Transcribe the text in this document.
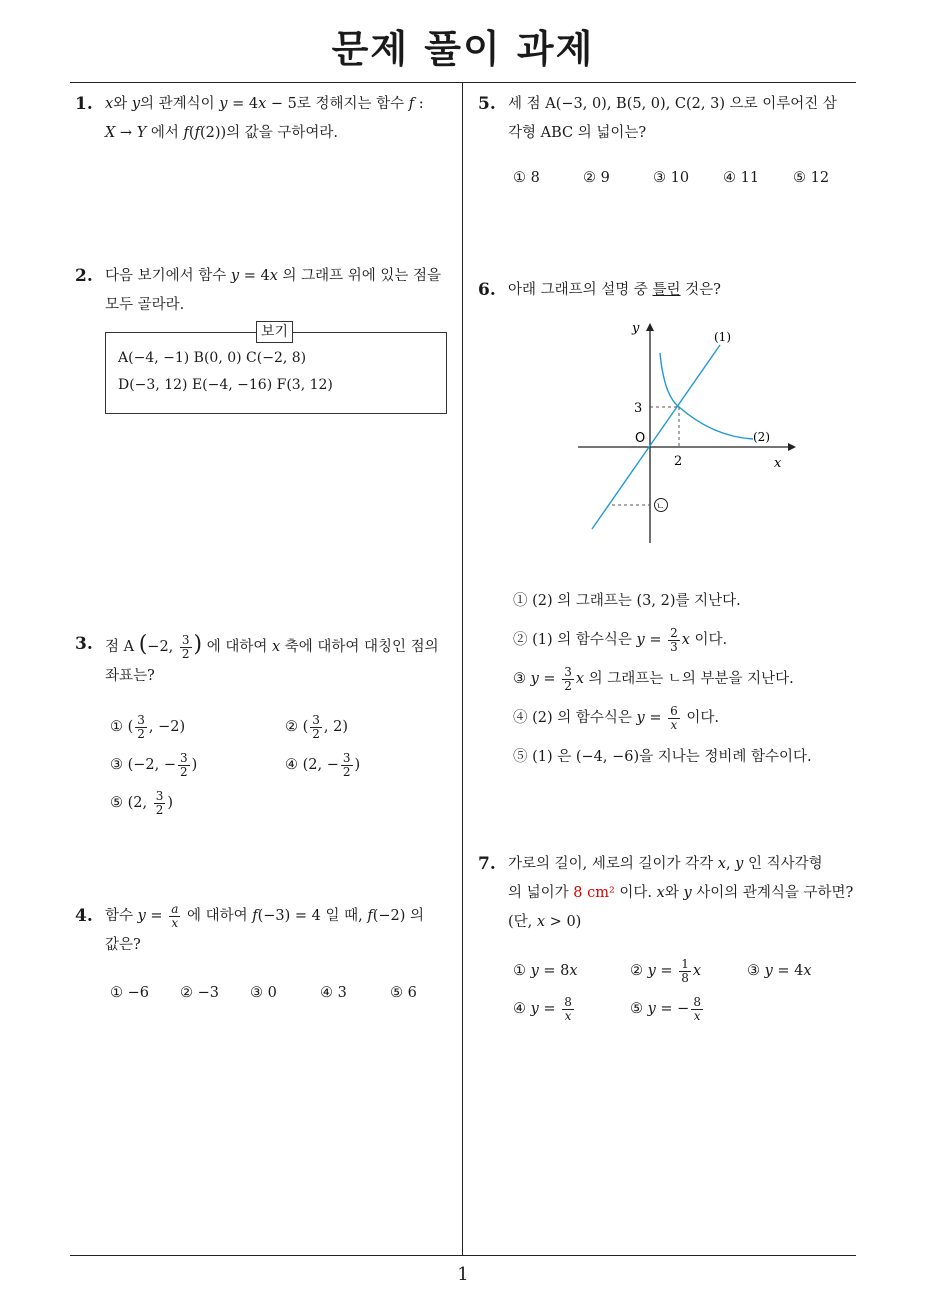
문제 풀이 과제
1
1. x와 y의 관계식이 y = 4x − 5로 정해지는 함수 f :
X → Y 에서 f(f(2))의 값을 구하여라.
2. 다음 보기에서 함수 y = 4x 의 그래프 위에 있는 점을
모두 골라라.
보기
A(−4, −1) B(0, 0) C(−2, 8)
D(−3, 12) E(−4, −16) F(3, 12)
3. 점 A (−2, $\frac{3}{2}$ ) 에 대하여 x 축에 대하여 대칭인 점의
좌표는?
① ( $\frac{3}{2}$ , −2)	② ( $\frac{3}{2}$ , 2)
③ (−2, − $\frac{3}{2}$ )	④ (2, − $\frac{3}{2}$ )
⑤ (2, $\frac{3}{2}$ )
4. 함수 $y = \frac{a}{x}$ 에 대하여 f(−3) = 4 일 때, f(−2) 의
값은?
① −6	② −3	③ 0	④ 3	⑤ 6
5. 세 점 A(−3, 0), B(5, 0), C(2, 3) 으로 이루어진 삼
각형 ABC 의 넓이는?
① 8	② 9	③ 10	④ 11	⑤ 12
6. 아래 그래프의 설명 중 틀린 것은?
y
x
O
3
2
(1)
(2)
ㄴ
① (2) 의 그래프는 (3, 2)를 지난다.
② (1) 의 함수식은 $y = \frac{2}{3}$ x 이다.
③ $y = \frac{3}{2}$ x 의 그래프는 ㄴ의 부분을 지난다.
④ (2) 의 함수식은 $y = \frac{6}{x}$ 이다.
⑤ (1) 은 (−4, −6)을 지나는 정비례 함수이다.
7. 가로의 길이, 세로의 길이가 각각 x, y 인 직사각형
의 넓이가 8 cm² 이다. x와 y 사이의 관계식을 구하면?
(단, x > 0)
① y = 8x	② $y = \frac{1}{8}$ x	③ y = 4x
④ $y = \frac{8}{x}$	⑤ y = − $\frac{8}{x}$
